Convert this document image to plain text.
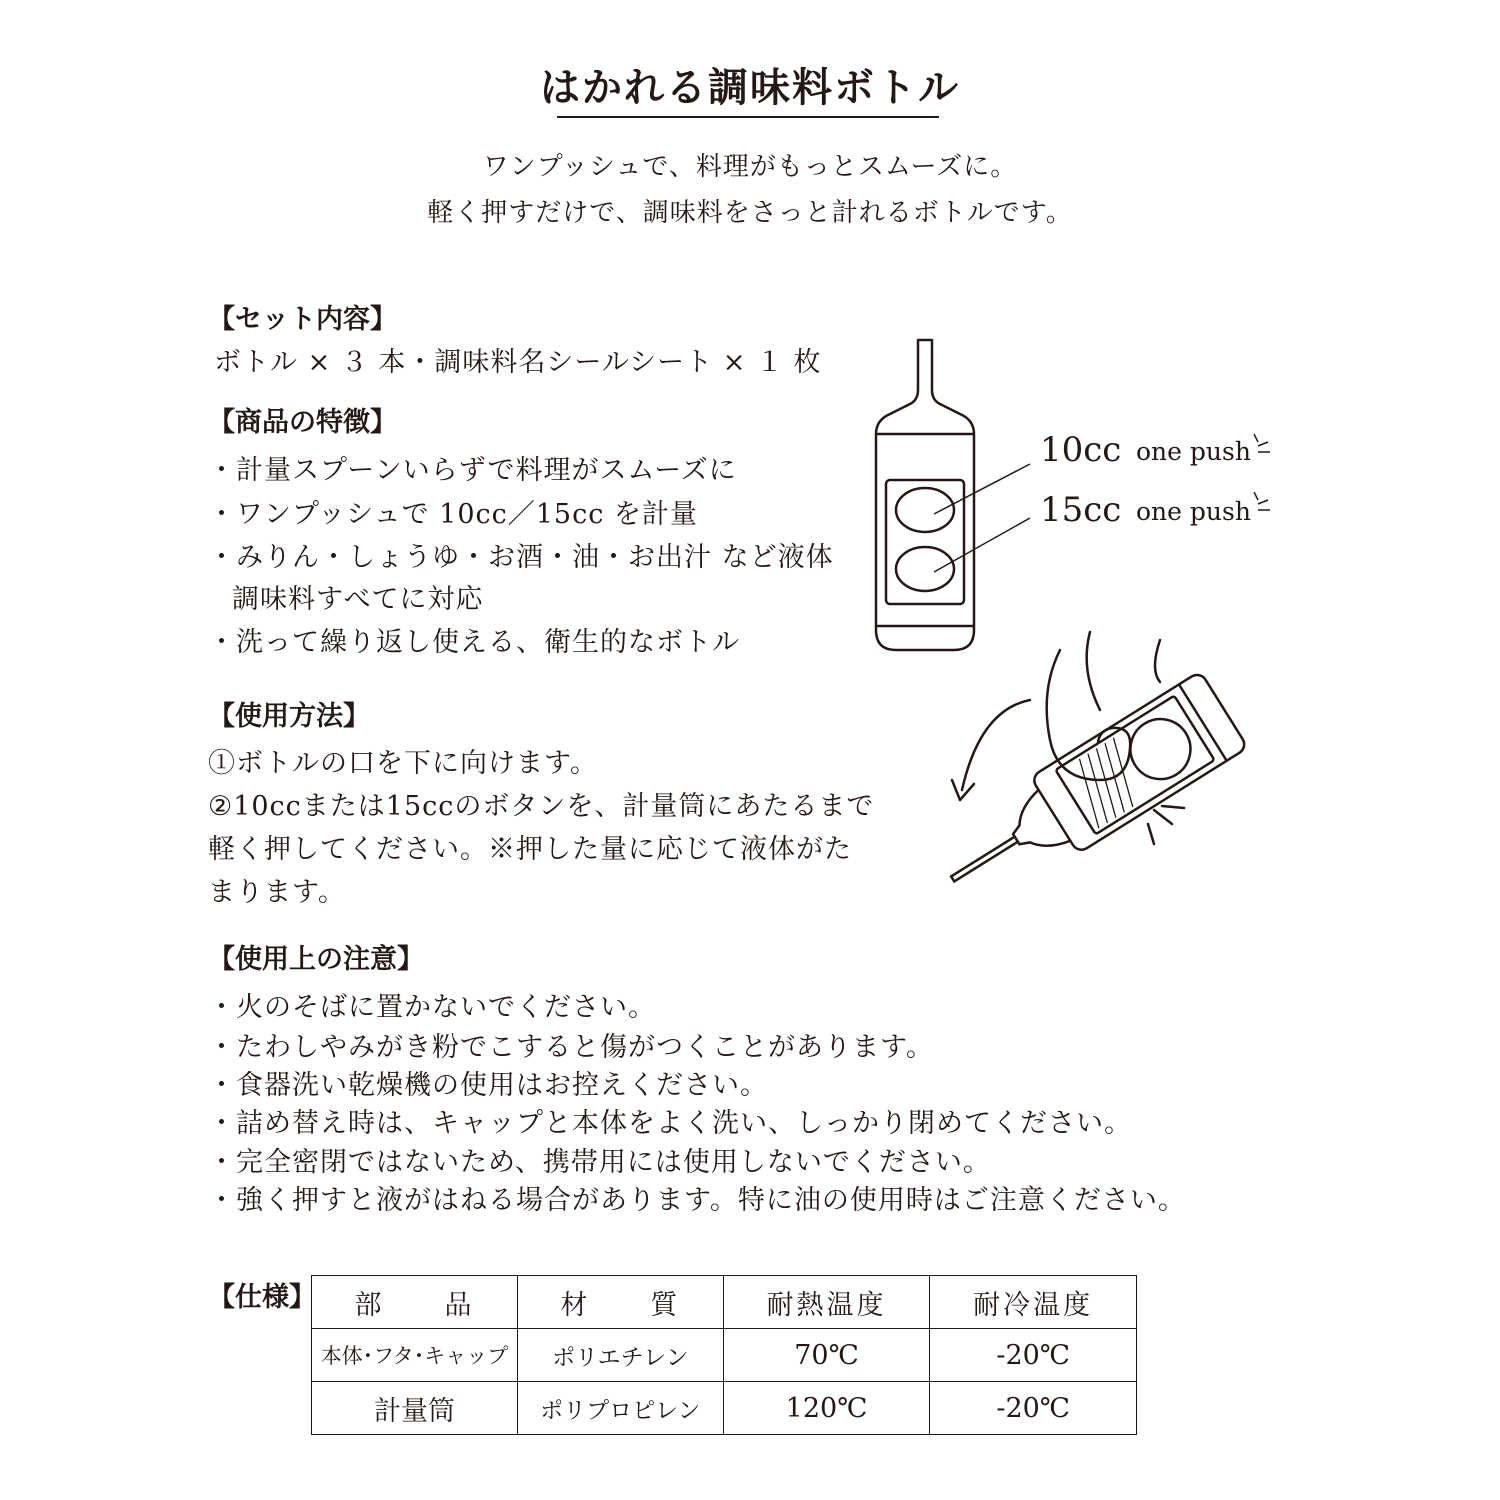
はかれる調味料ボトル
ワンプッシュで、料理がもっとスムーズに。
軽く押すだけで、調味料をさっと計れるボトルです。
【セット内容】
ボトル × ３ 本・調味料名シールシート × １ 枚
【商品の特徴】
・計量スプーンいらずで料理がスムーズに
・ワンプッシュで 10cc／15cc を計量
・みりん・しょうゆ・お酒・油・お出汁 など液体
調味料すべてに対応
・洗って繰り返し使える、衛生的なボトル
【使用方法】
①ボトルの口を下に向けます。
②10ccまたは15ccのボタンを、計量筒にあたるまで
軽く押してください。※押した量に応じて液体がた
まります。
【使用上の注意】
・火のそばに置かないでください。
・たわしやみがき粉でこすると傷がつくことがあります。
・食器洗い乾燥機の使用はお控えください。
・詰め替え時は、キャップと本体をよく洗い、しっかり閉めてください。
・完全密閉ではないため、携帯用には使用しないでください。
・強く押すと液がはねる場合があります。特に油の使用時はご注意ください。
10cc one push
15cc one push
【仕様】 部　　品	材　　質	耐熱温度	耐冷温度
本体･フタ･キャップ	ポリエチレン	70℃	-20℃
計量筒	ポリプロピレン	120℃	-20℃
